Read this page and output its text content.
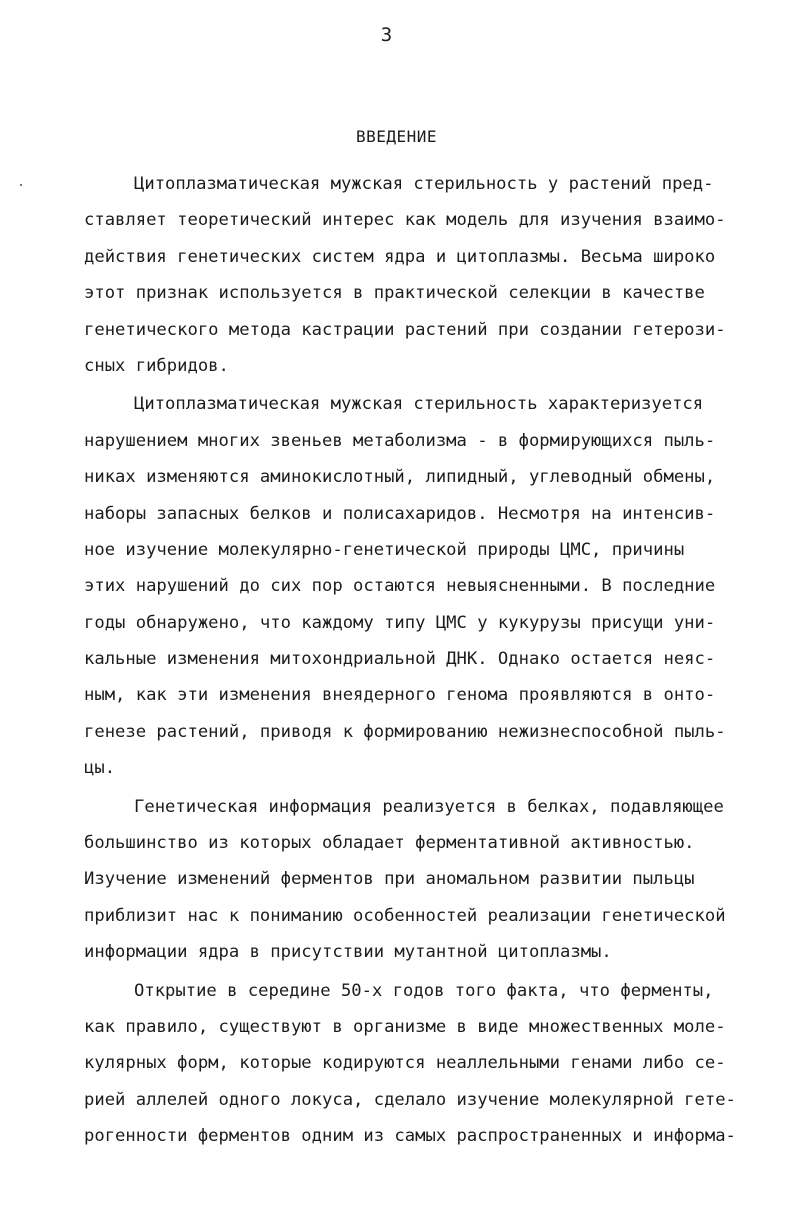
3
ВВЕДЕНИЕ
Цитоплазматическая мужская стерильность у растений пред-
ставляет теоретический интерес как модель для изучения взаимо-
действия генетических систем ядра и цитоплазмы. Весьма широко
этот признак используется в практической селекции в качестве
генетического метода кастрации растений при создании гетерози-
сных гибридов.
Цитоплазматическая мужская стерильность характеризуется
нарушением многих звеньев метаболизма - в формирующихся пыль-
никах изменяются аминокислотный, липидный, углеводный обмены,
наборы запасных белков и полисахаридов. Несмотря на интенсив-
ное изучение молекулярно-генетической природы ЦМС, причины
этих нарушений до сих пор остаются невыясненными. В последние
годы обнаружено, что каждому типу ЦМС у кукурузы присущи уни-
кальные изменения митохондриальной ДНК. Однако остается неяс-
ным, как эти изменения внеядерного генома проявляются в онто-
генезе растений, приводя к формированию нежизнеспособной пыль-
цы.
Генетическая информация реализуется в белках, подавляющее
большинство из которых обладает ферментативной активностью.
Изучение изменений ферментов при аномальном развитии пыльцы
приблизит нас к пониманию особенностей реализации генетической
информации ядра в присутствии мутантной цитоплазмы.
Открытие в середине 50-х годов того факта, что ферменты,
как правило, существуют в организме в виде множественных моле-
кулярных форм, которые кодируются неаллельными генами либо се-
рией аллелей одного локуса, сделало изучение молекулярной гете-
рогенности ферментов одним из самых распространенных и информа-
